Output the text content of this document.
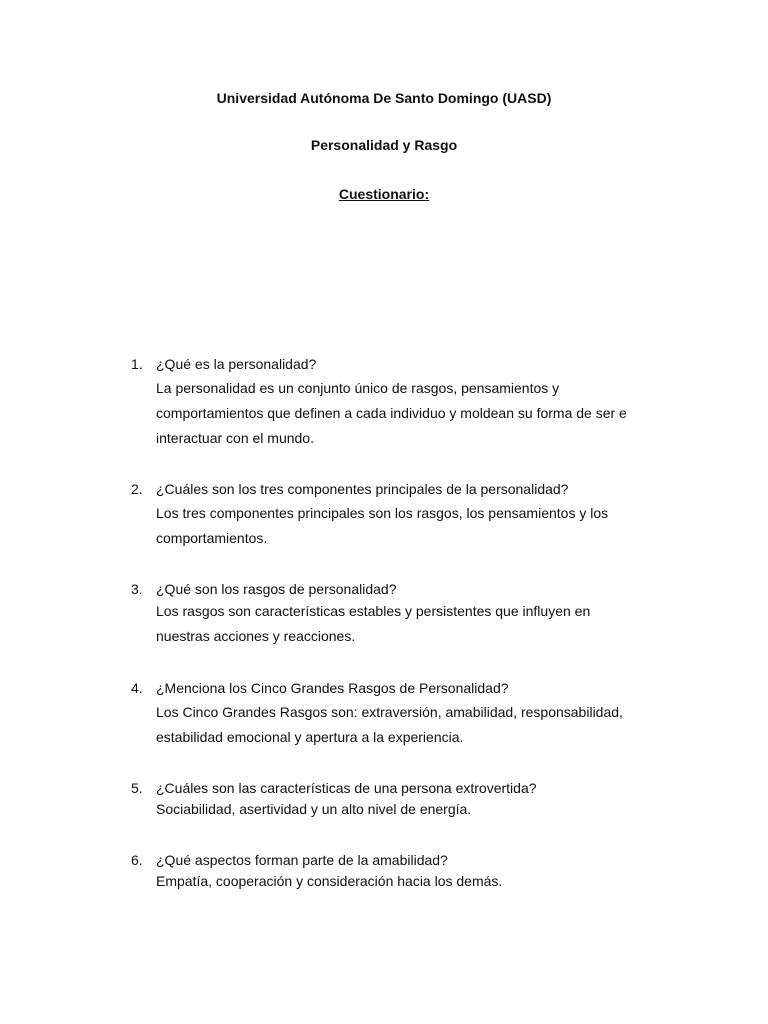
Universidad Autónoma De Santo Domingo (UASD)
Personalidad y Rasgo
Cuestionario:
1. ¿Qué es la personalidad?
La personalidad es un conjunto único de rasgos, pensamientos y comportamientos que definen a cada individuo y moldean su forma de ser e interactuar con el mundo.
2. ¿Cuáles son los tres componentes principales de la personalidad?
Los tres componentes principales son los rasgos, los pensamientos y los comportamientos.
3. ¿Qué son los rasgos de personalidad?
Los rasgos son características estables y persistentes que influyen en nuestras acciones y reacciones.
4. ¿Menciona los Cinco Grandes Rasgos de Personalidad?
Los Cinco Grandes Rasgos son: extraversión, amabilidad, responsabilidad, estabilidad emocional y apertura a la experiencia.
5. ¿Cuáles son las características de una persona extrovertida?
Sociabilidad, asertividad y un alto nivel de energía.
6. ¿Qué aspectos forman parte de la amabilidad?
Empatía, cooperación y consideración hacia los demás.
